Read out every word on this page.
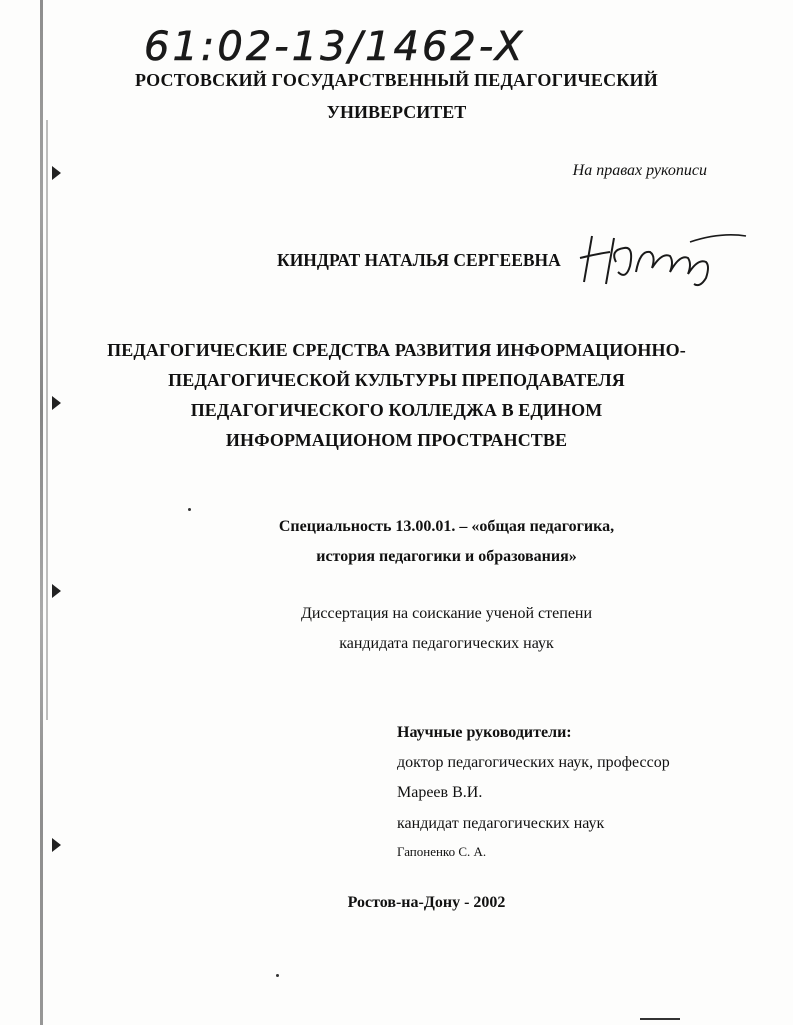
61:02-13/1462-X
РОСТОВСКИЙ ГОСУДАРСТВЕННЫЙ ПЕДАГОГИЧЕСКИЙ
УНИВЕРСИТЕТ
На правах рукописи
КИНДРАТ НАТАЛЬЯ СЕРГЕЕВНА
ПЕДАГОГИЧЕСКИЕ СРЕДСТВА РАЗВИТИЯ ИНФОРМАЦИОННО-
ПЕДАГОГИЧЕСКОЙ КУЛЬТУРЫ ПРЕПОДАВАТЕЛЯ
ПЕДАГОГИЧЕСКОГО КОЛЛЕДЖА В ЕДИНОМ
ИНФОРМАЦИОНОМ ПРОСТРАНСТВЕ
Специальность 13.00.01. – «общая педагогика,
история педагогики и образования»
Диссертация на соискание ученой степени
кандидата педагогических наук
Научные руководители:
доктор педагогических наук, профессор
Мареев В.И.
кандидат педагогических наук
Гапоненко С. А.
Ростов-на-Дону - 2002
